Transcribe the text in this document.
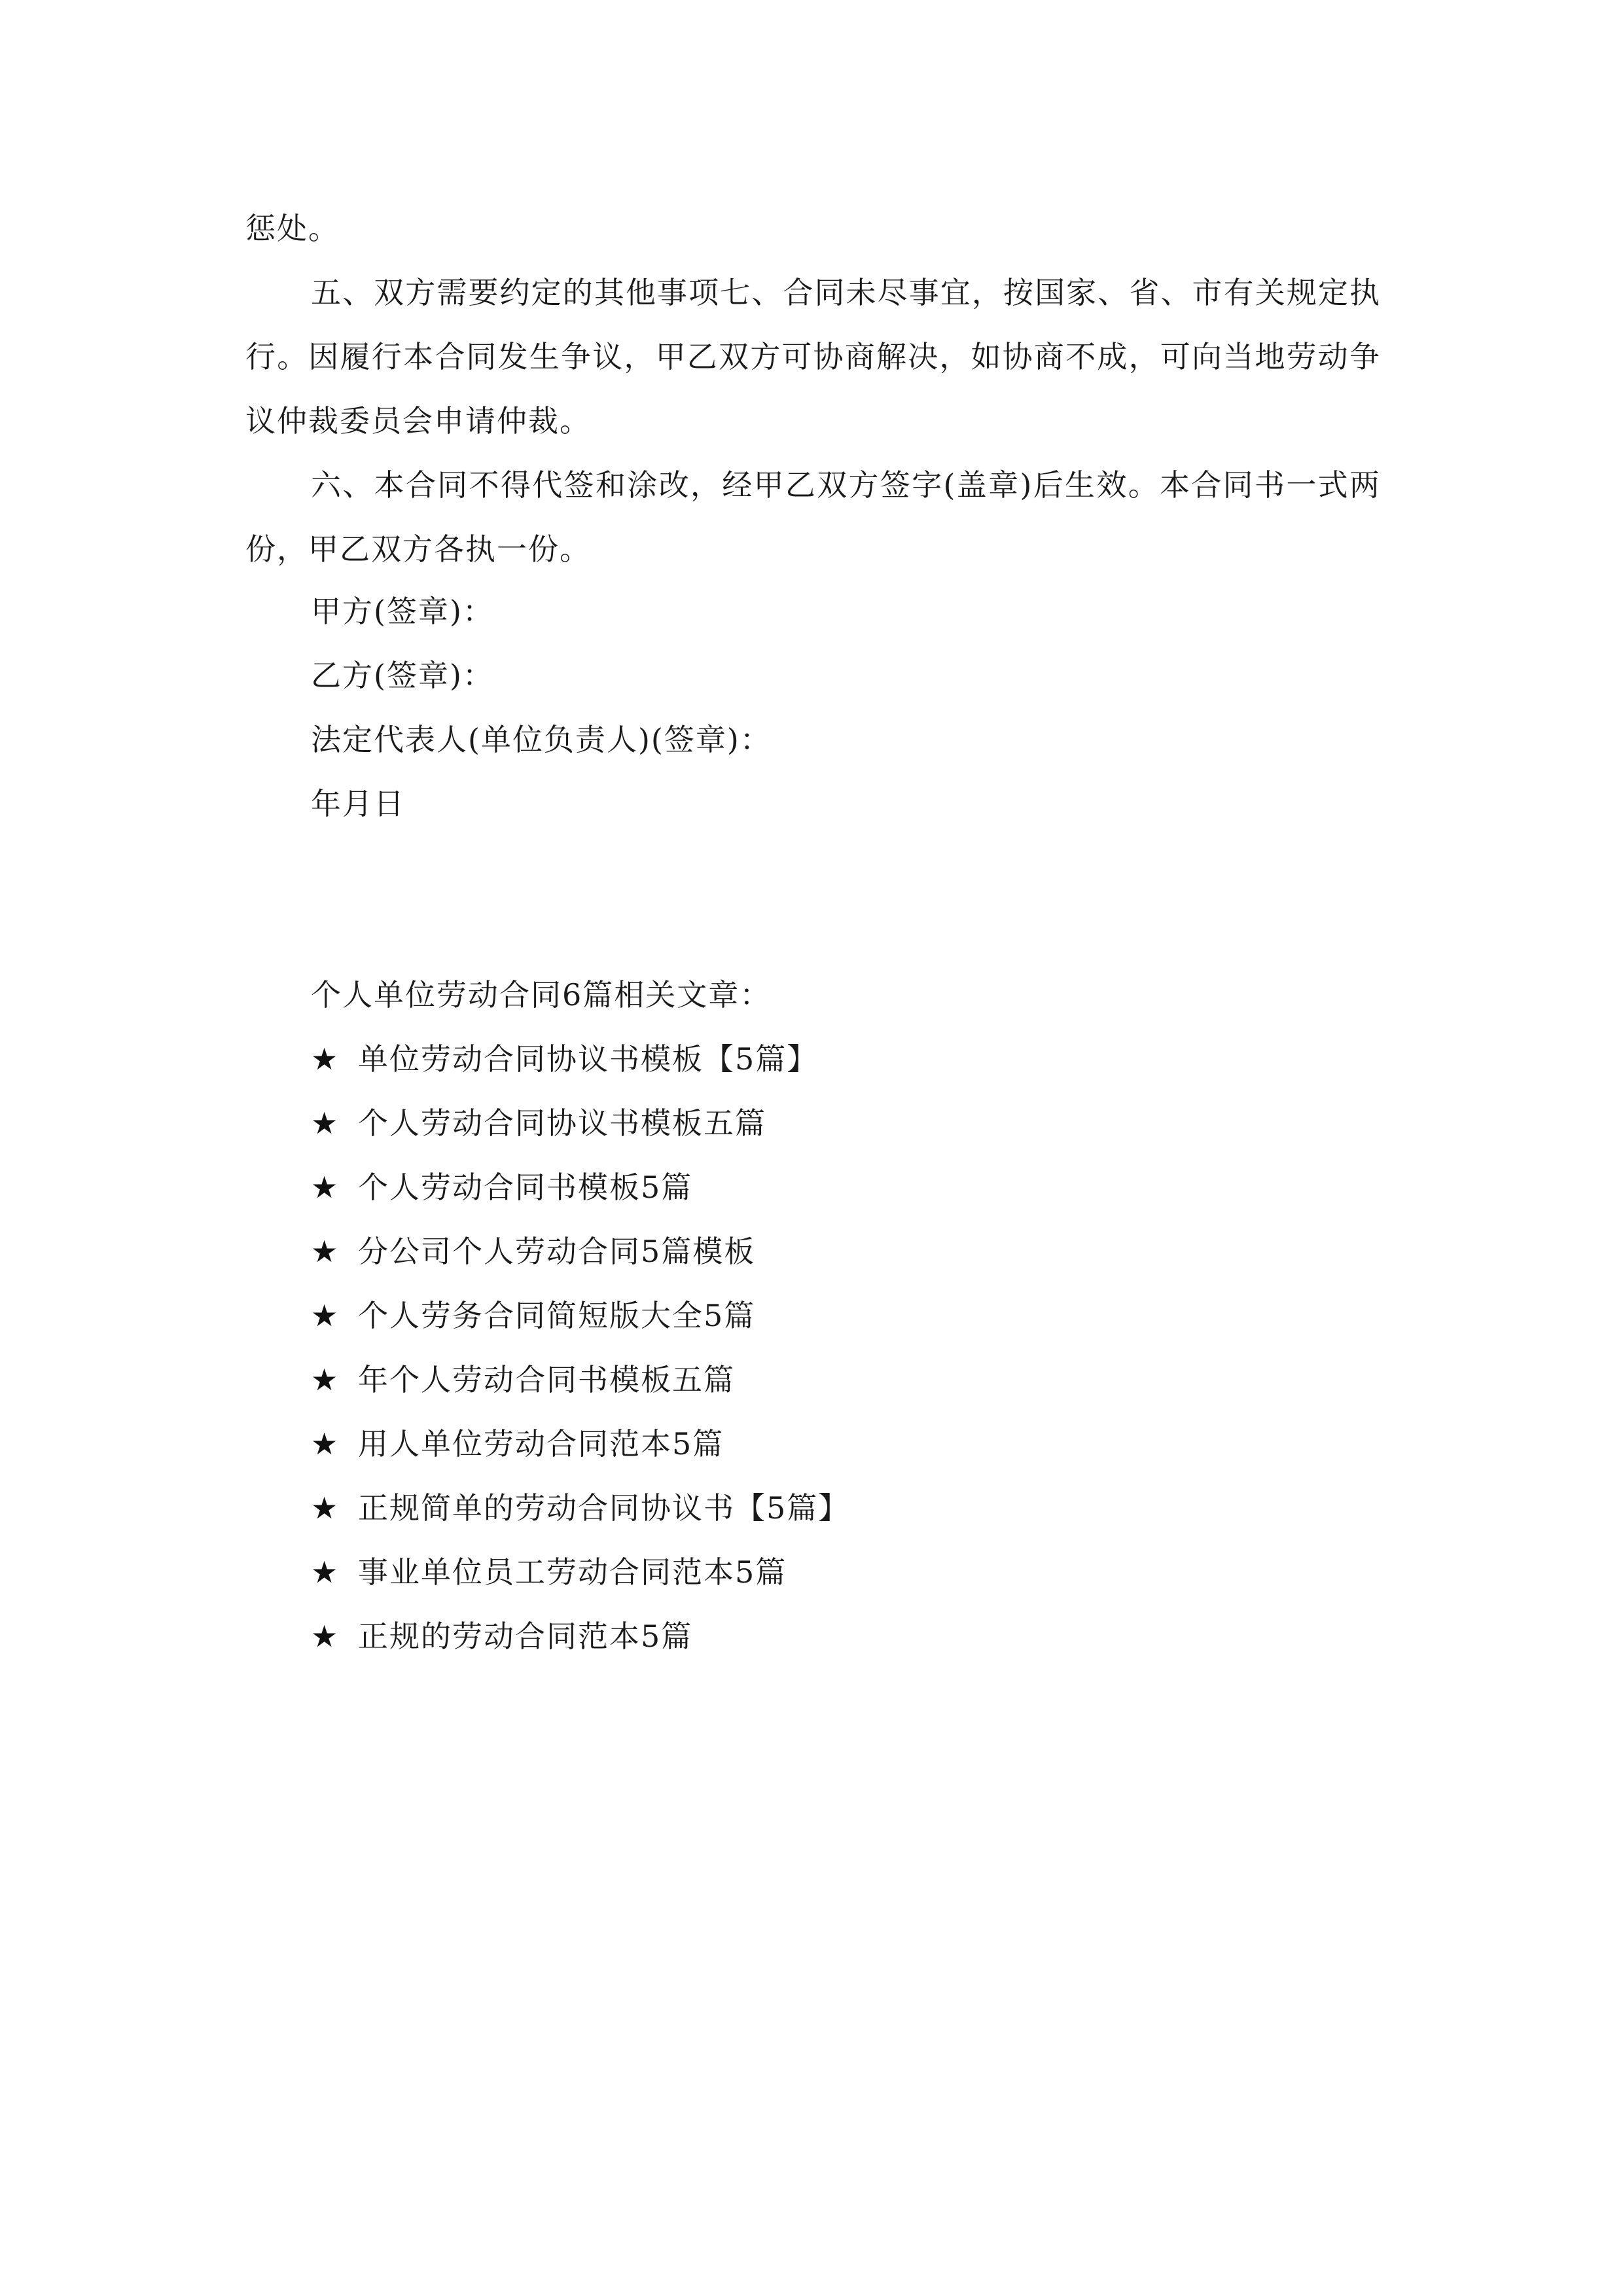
惩处。

五、双方需要约定的其他事项七、合同未尽事宜，按国家、省、市有关规定执行。因履行本合同发生争议，甲乙双方可协商解决，如协商不成，可向当地劳动争议仲裁委员会申请仲裁。

六、本合同不得代签和涂改，经甲乙双方签字(盖章)后生效。本合同书一式两份，甲乙双方各执一份。

甲方(签章)：
乙方(签章)：
法定代表人(单位负责人)(签章)：
年月日
个人单位劳动合同6篇相关文章：
★ 单位劳动合同协议书模板【5篇】
★ 个人劳动合同协议书模板五篇
★ 个人劳动合同书模板5篇
★ 分公司个人劳动合同5篇模板
★ 个人劳务合同简短版大全5篇
★ 年个人劳动合同书模板五篇
★ 用人单位劳动合同范本5篇
★ 正规简单的劳动合同协议书【5篇】
★ 事业单位员工劳动合同范本5篇
★ 正规的劳动合同范本5篇
